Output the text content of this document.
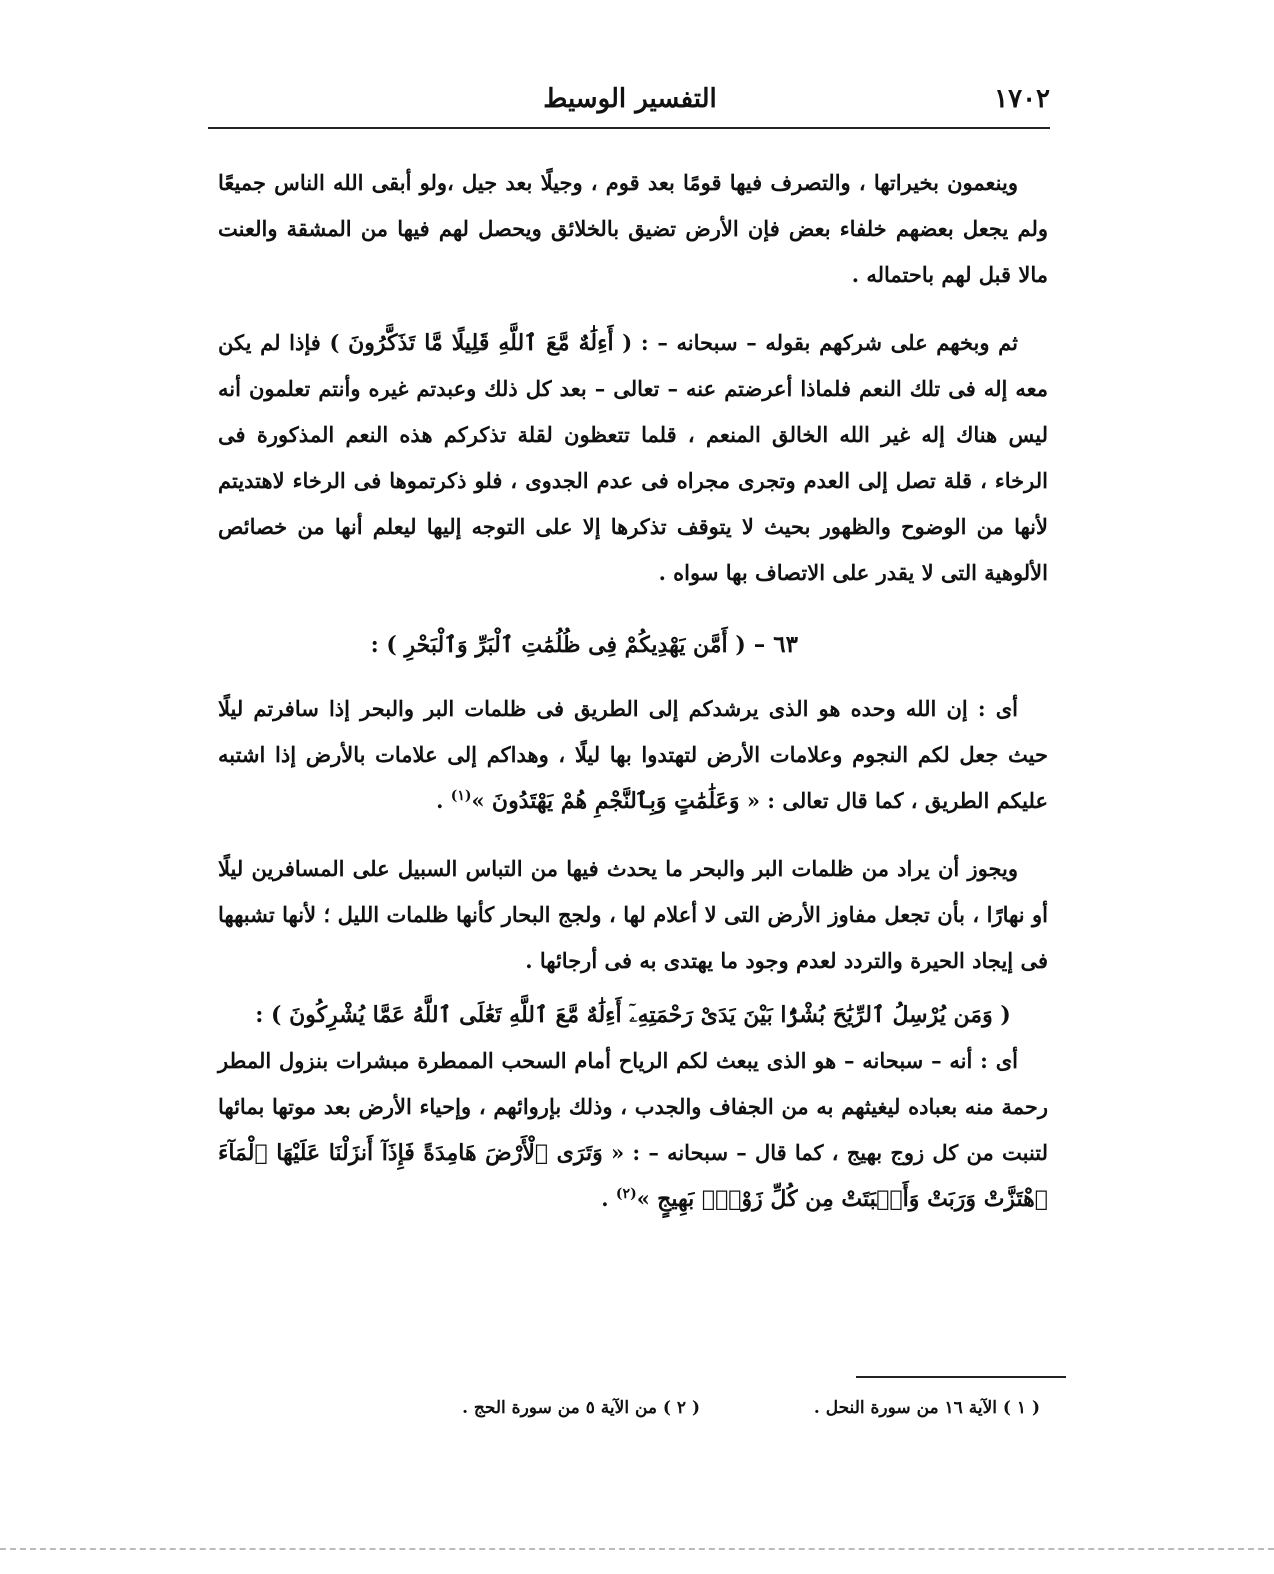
١٧٠٢
التفسير الوسيط

وينعمون بخيراتها ، والتصرف فيها قومًا بعد قوم ، وجيلًا بعد جيل ،ولو أبقى الله الناس جميعًا ولم يجعل بعضهم خلفاء بعض فإن الأرض تضيق بالخلائق ويحصل لهم فيها من المشقة والعنت مالا قبل لهم باحتماله .

ثم وبخهم على شركهم بقوله – سبحانه – : ( أَءِلَٰهٌ مَّعَ ٱللَّهِ قَلِيلًا مَّا تَذَكَّرُونَ ) فإذا لم يكن معه إله فى تلك النعم فلماذا أعرضتم عنه – تعالى – بعد كل ذلك وعبدتم غيره وأنتم تعلمون أنه ليس هناك إله غير الله الخالق المنعم ، قلما تتعظون لقلة تذكركم هذه النعم المذكورة فى الرخاء ، قلة تصل إلى العدم وتجرى مجراه فى عدم الجدوى ، فلو ذكرتموها فى الرخاء لاهتديتم لأنها من الوضوح والظهور بحيث لا يتوقف تذكرها إلا على التوجه إليها ليعلم أنها من خصائص الألوهية التى لا يقدر على الاتصاف بها سواه .

٦٣ – ( أَمَّن يَهْدِيكُمْ فِى ظُلُمَٰتِ ٱلْبَرِّ وَٱلْبَحْرِ ) :

أى : إن الله وحده هو الذى يرشدكم إلى الطريق فى ظلمات البر والبحر إذا سافرتم ليلًا حيث جعل لكم النجوم وعلامات الأرض لتهتدوا بها ليلًا ، وهداكم إلى علامات بالأرض إذا اشتبه عليكم الطريق ، كما قال تعالى : « وَعَلَٰمَٰتٍ وَبِٱلنَّجْمِ هُمْ يَهْتَدُونَ »$^{(١)}$ .

ويجوز أن يراد من ظلمات البر والبحر ما يحدث فيها من التباس السبيل على المسافرين ليلًا أو نهارًا ، بأن تجعل مفاوز الأرض التى لا أعلام لها ، ولجج البحار كأنها ظلمات الليل ؛ لأنها تشبهها فى إيجاد الحيرة والتردد لعدم وجود ما يهتدى به فى أرجائها .

( وَمَن يُرْسِلُ ٱلرِّيَٰحَ بُشْرًۢا بَيْنَ يَدَىْ رَحْمَتِهِۦٓ أَءِلَٰهٌ مَّعَ ٱللَّهِ تَعَٰلَى ٱللَّهُ عَمَّا يُشْرِكُونَ ) :

أى : أنه – سبحانه – هو الذى يبعث لكم الرياح أمام السحب الممطرة مبشرات بنزول المطر رحمة منه بعباده ليغيثهم به من الجفاف والجدب ، وذلك بإروائهم ، وإحياء الأرض بعد موتها بمائها لتنبت من كل زوج بهيج ، كما قال – سبحانه – : « وَتَرَى ٱلْأَرْضَ هَامِدَةً فَإِذَآ أَنزَلْنَا عَلَيْهَا ٱلْمَآءَ ٱهْتَزَّتْ وَرَبَتْ وَأَنۢبَتَتْ مِن كُلِّ زَوْجٍۭ بَهِيجٍ »$^{(٢)}$ .

( ١ ) الآية ١٦ من سورة النحل .
( ٢ ) من الآية ٥ من سورة الحج .
